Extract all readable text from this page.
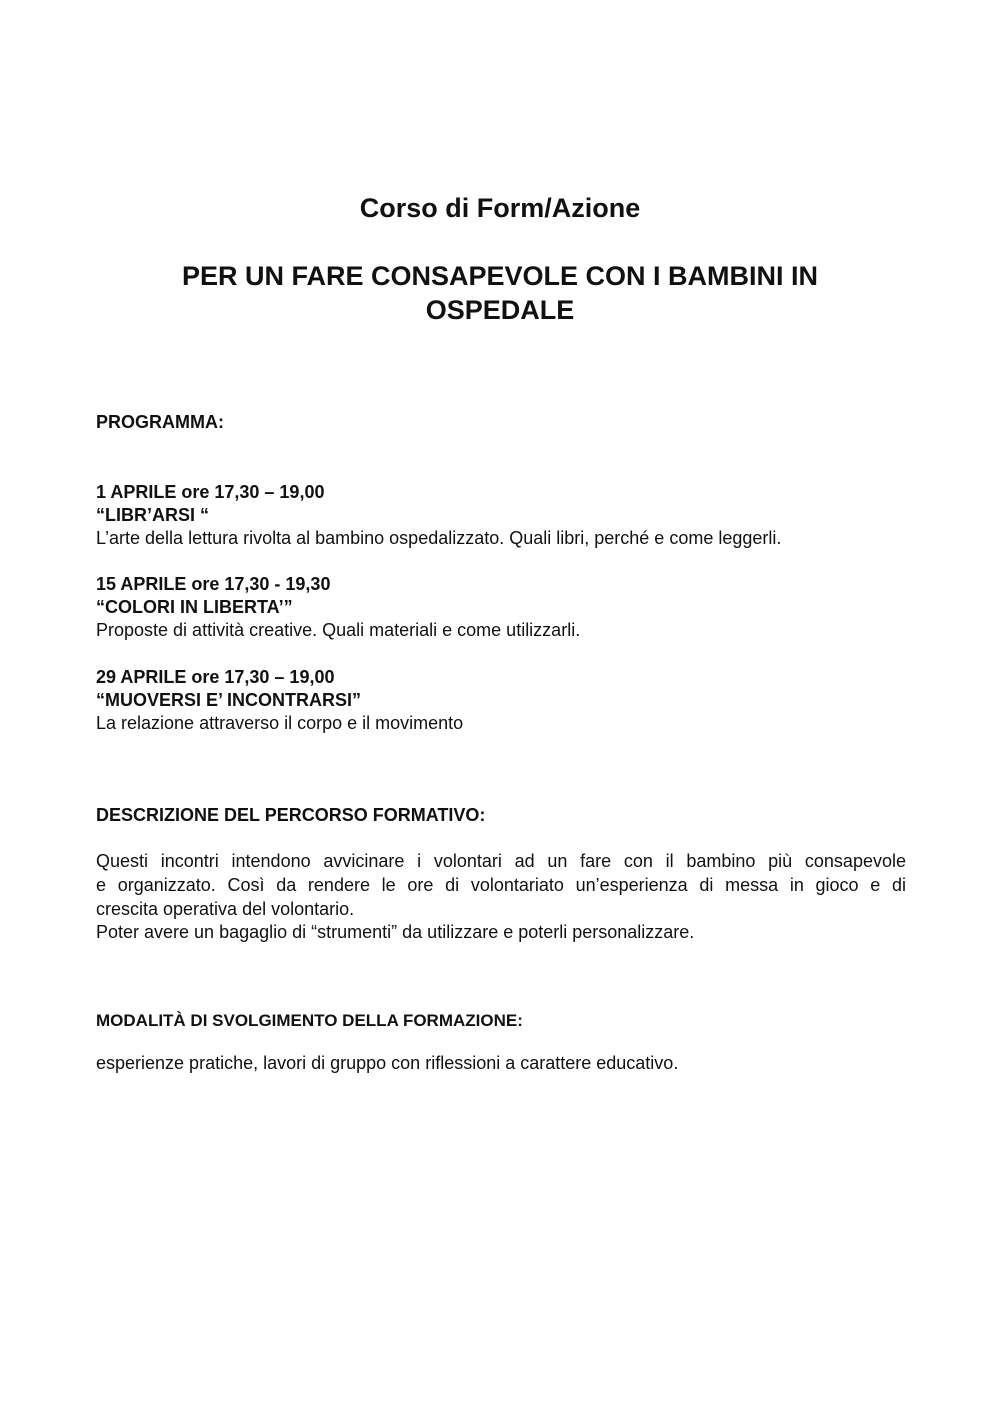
Corso di Form/Azione
PER UN FARE CONSAPEVOLE CON I BAMBINI IN
OSPEDALE

PROGRAMMA:

1 APRILE ore 17,30 – 19,00

“LIBR’ARSI “

L’arte della lettura rivolta al bambino ospedalizzato. Quali libri, perché e come leggerli.

15 APRILE ore 17,30 - 19,30

“COLORI IN LIBERTA’”

Proposte di attività creative. Quali materiali e come utilizzarli.

29 APRILE ore 17,30 – 19,00

“MUOVERSI E’ INCONTRARSI”

La relazione attraverso il corpo e il movimento

DESCRIZIONE DEL PERCORSO FORMATIVO:

Questi incontri intendono avvicinare i volontari ad un fare con il bambino più consapevole

e organizzato. Così da rendere le ore di volontariato un’esperienza di messa in gioco e di

crescita operativa del volontario.

Poter avere un bagaglio di “strumenti” da utilizzare e poterli personalizzare.

MODALITÀ DI SVOLGIMENTO DELLA FORMAZIONE:

esperienze pratiche, lavori di gruppo con riflessioni a carattere educativo.
